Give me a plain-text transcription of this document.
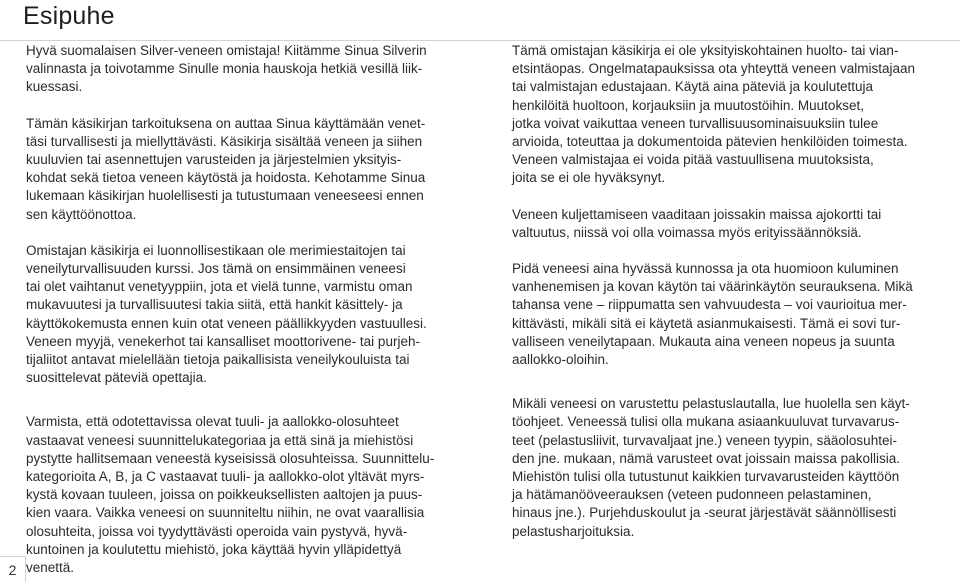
Esipuhe

Hyvä suomalaisen Silver-veneen omistaja! Kiitämme Sinua Silverin
valinnasta ja toivotamme Sinulle monia hauskoja hetkiä vesillä liik-
kuessasi.

Tämän käsikirjan tarkoituksena on auttaa Sinua käyttämään venet-
täsi turvallisesti ja miellyttävästi. Käsikirja sisältää veneen ja siihen
kuuluvien tai asennettujen varusteiden ja järjestelmien yksityis-
kohdat sekä tietoa veneen käytöstä ja hoidosta. Kehotamme Sinua
lukemaan käsikirjan huolellisesti ja tutustumaan veneeseesi ennen
sen käyttöönottoa.

Omistajan käsikirja ei luonnollisestikaan ole merimiestaitojen tai
veneilyturvallisuuden kurssi. Jos tämä on ensimmäinen veneesi
tai olet vaihtanut venetyyppiin, jota et vielä tunne, varmistu oman
mukavuutesi ja turvallisuutesi takia siitä, että hankit käsittely- ja
käyttökokemusta ennen kuin otat veneen päällikkyyden vastuullesi.
Veneen myyjä, venekerhot tai kansalliset moottorivene- tai purjeh-
tijaliitot antavat mielellään tietoja paikallisista veneilykouluista tai
suosittelevat päteviä opettajia.

Varmista, että odotettavissa olevat tuuli- ja aallokko-olosuhteet
vastaavat veneesi suunnittelukategoriaa ja että sinä ja miehistösi
pystytte hallitsemaan veneestä kyseisissä olosuhteissa. Suunnittelu-
kategorioita A, B, ja C vastaavat tuuli- ja aallokko-olot yltävät myrs-
kystä kovaan tuuleen, joissa on poikkeuksellisten aaltojen ja puus-
kien vaara. Vaikka veneesi on suunniteltu niihin, ne ovat vaarallisia
olosuhteita, joissa voi tyydyttävästi operoida vain pystyvä, hyvä-
kuntoinen ja koulutettu miehistö, joka käyttää hyvin ylläpidettyä
venettä.

Tämä omistajan käsikirja ei ole yksityiskohtainen huolto- tai vian-
etsintäopas. Ongelmatapauksissa ota yhteyttä veneen valmistajaan
tai valmistajan edustajaan. Käytä aina päteviä ja koulutettuja
henkilöitä huoltoon, korjauksiin ja muutostöihin. Muutokset,
jotka voivat vaikuttaa veneen turvallisuusominaisuuksiin tulee
arvioida, toteuttaa ja dokumentoida pätevien henkilöiden toimesta.
Veneen valmistajaa ei voida pitää vastuullisena muutoksista,
joita se ei ole hyväksynyt.

Veneen kuljettamiseen vaaditaan joissakin maissa ajokortti tai
valtuutus, niissä voi olla voimassa myös erityissäännöksiä.

Pidä veneesi aina hyvässä kunnossa ja ota huomioon kuluminen
vanhenemisen ja kovan käytön tai väärinkäytön seurauksena. Mikä
tahansa vene – riippumatta sen vahvuudesta – voi vaurioitua mer-
kittävästi, mikäli sitä ei käytetä asianmukaisesti. Tämä ei sovi tur-
valliseen veneilytapaan. Mukauta aina veneen nopeus ja suunta
aallokko-oloihin.

Mikäli veneesi on varustettu pelastuslautalla, lue huolella sen käyt-
töohjeet. Veneessä tulisi olla mukana asiaankuuluvat turvavarus-
teet (pelastusliivit, turvavaljaat jne.) veneen tyypin, sääolosuhtei-
den jne. mukaan, nämä varusteet ovat joissain maissa pakollisia.
Miehistön tulisi olla tutustunut kaikkien turvavarusteiden käyttöön
ja hätämanööveerauksen (veteen pudonneen pelastaminen,
hinaus jne.). Purjehduskoulut ja -seurat järjestävät säännöllisesti
pelastusharjoituksia.

2
